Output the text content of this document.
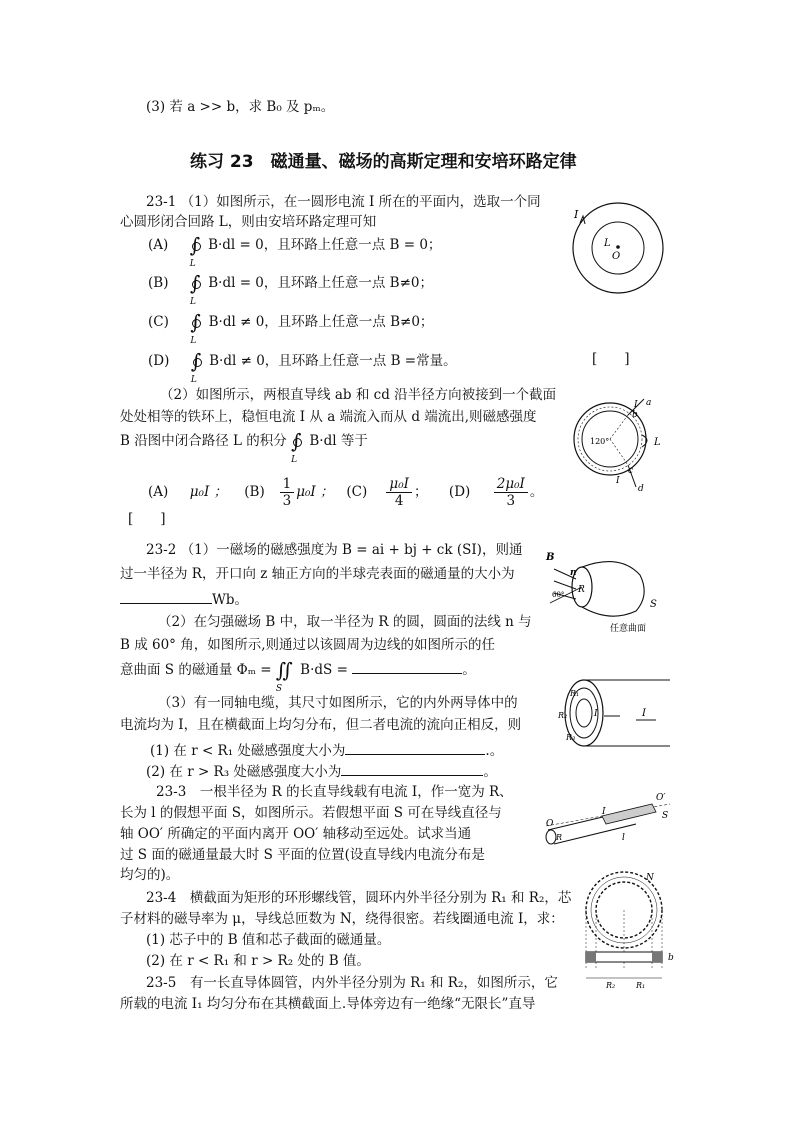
(3) 若 a >> b，求 B₀ 及 pₘ。
练习 23　磁通量、磁场的高斯定理和安培环路定律
23-1 （1）如图所示，在一圆形电流 I 所在的平面内，选取一个同
心圆形闭合回路 L，则由安培环路定理可知
(A) ∫
L
B·dl = 0，且环路上任意一点 B = 0；
(B) ∫
L
B·dl = 0，且环路上任意一点 B≠0；
(C) ∫
L
B·dl ≠ 0，且环路上任意一点 B≠0；
(D) ∫
L
B·dl ≠ 0，且环路上任意一点 B =常量。	[　　]
（2）如图所示，两根直导线 ab 和 cd 沿半径方向被接到一个截面
处处相等的铁环上，稳恒电流 I 从 a 端流入而从 d 端流出,则磁感强度
B 沿图中闭合路径 L 的积分 ∫
L
B·dl 等于
(A) μ₀I ； $(B) \frac{1}{3} \mu_0I$ ； $(C) \frac{\text{μ₀I}}{4}$ ； $(D) \frac{\text{2μ₀I}}{3}$ 。
[　　]
23-2 （1）一磁场的磁感强度为 B = ai + bj + ck (SI)，则通
过一半径为 R，开口向 z 轴正方向的半球壳表面的磁通量的大小为
Wb。
（2）在匀强磁场 B 中，取一半径为 R 的圆，圆面的法线 n 与
B 成 60° 角，如图所示,则通过以该圆周为边线的如图所示的任
意曲面 S 的磁通量 Φₘ = ∬
S
B·dS =	。
（3）有一同轴电缆，其尺寸如图所示，它的内外两导体中的
电流均为 I，且在横截面上均匀分布，但二者电流的流向正相反，则
(1) 在 r < R₁ 处磁感强度大小为	.。
(2) 在 r > R₃ 处磁感强度大小为	。
23-3　一根半径为 R 的长直导线载有电流 I，作一宽为 R、
长为 l 的假想平面 S，如图所示。若假想平面 S 可在导线直径与
轴 OO′ 所确定的平面内离开 OO′ 轴移动至远处。试求当通
过 S 面的磁通量最大时 S 平面的位置(设直导线内电流分布是
均匀的)。
23-4　横截面为矩形的环形螺线管，圆环内外半径分别为 R₁ 和 R₂，芯
子材料的磁导率为 μ，导线总匝数为 N，绕得很密。若线圈通电流 I，求：
(1) 芯子中的 B 值和芯子截面的磁通量。
(2) 在 r < R₁ 和 r > R₂ 处的 B 值。
23-5　有一长直导体圆管，内外半径分别为 R₁ 和 R₂，如图所示，它
所载的电流 I₁ 均匀分布在其横截面上.导体旁边有一绝缘“无限长”直导
I
L
O
120°
a
b
c
d
I
I
L
B
n
R
60°
S
任意曲面
R₁
R₂
R₃
I	I
O
O′
I	S
R	l
N
b
R₂	R₁
